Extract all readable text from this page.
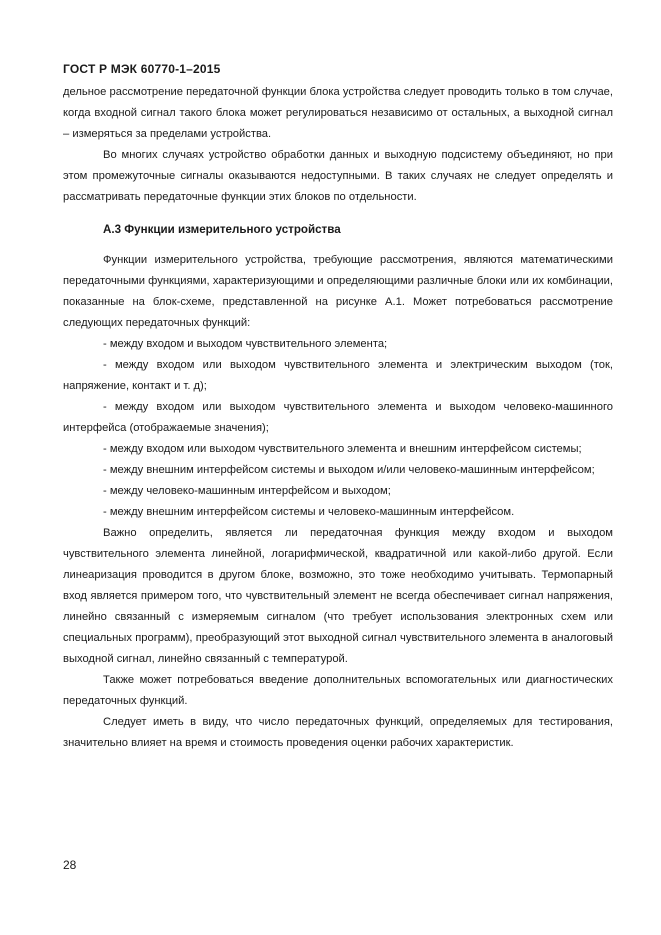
ГОСТ Р МЭК 60770-1–2015

дельное рассмотрение передаточной функции блока устройства следует проводить только в том случае, когда входной сигнал такого блока может регулироваться независимо от остальных, а выходной сигнал – измеряться за пределами устройства.

Во многих случаях устройство обработки данных и выходную подсистему объединяют, но при этом промежуточные сигналы оказываются недоступными. В таких случаях не следует определять и рассматривать передаточные функции этих блоков по отдельности.

А.3 Функции измерительного устройства

Функции измерительного устройства, требующие рассмотрения, являются математическими передаточными функциями, характеризующими и определяющими различные блоки или их комбинации, показанные на блок-схеме, представленной на рисунке А.1. Может потребоваться рассмотрение следующих передаточных функций:

- между входом и выходом чувствительного элемента;

- между входом или выходом чувствительного элемента и электрическим выходом (ток, напряжение, контакт и т. д);

- между входом или выходом чувствительного элемента и выходом человеко-машинного интерфейса (отображаемые значения);

- между входом или выходом чувствительного элемента и внешним интерфейсом системы;

- между внешним интерфейсом системы и выходом и/или человеко-машинным интерфейсом;

- между человеко-машинным интерфейсом и выходом;

- между внешним интерфейсом системы и человеко-машинным интерфейсом.

Важно определить, является ли передаточная функция между входом и выходом чувствительного элемента линейной, логарифмической, квадратичной или какой-либо другой. Если линеаризация проводится в другом блоке, возможно, это тоже необходимо учитывать. Термопарный вход является примером того, что чувствительный элемент не всегда обеспечивает сигнал напряжения, линейно связанный с измеряемым сигналом (что требует использования электронных схем или специальных программ), преобразующий этот выходной сигнал чувствительного элемента в аналоговый выходной сигнал, линейно связанный с температурой.

Также может потребоваться введение дополнительных вспомогательных или диагностических передаточных функций.

Следует иметь в виду, что число передаточных функций, определяемых для тестирования, значительно влияет на время и стоимость проведения оценки рабочих характеристик.

28
